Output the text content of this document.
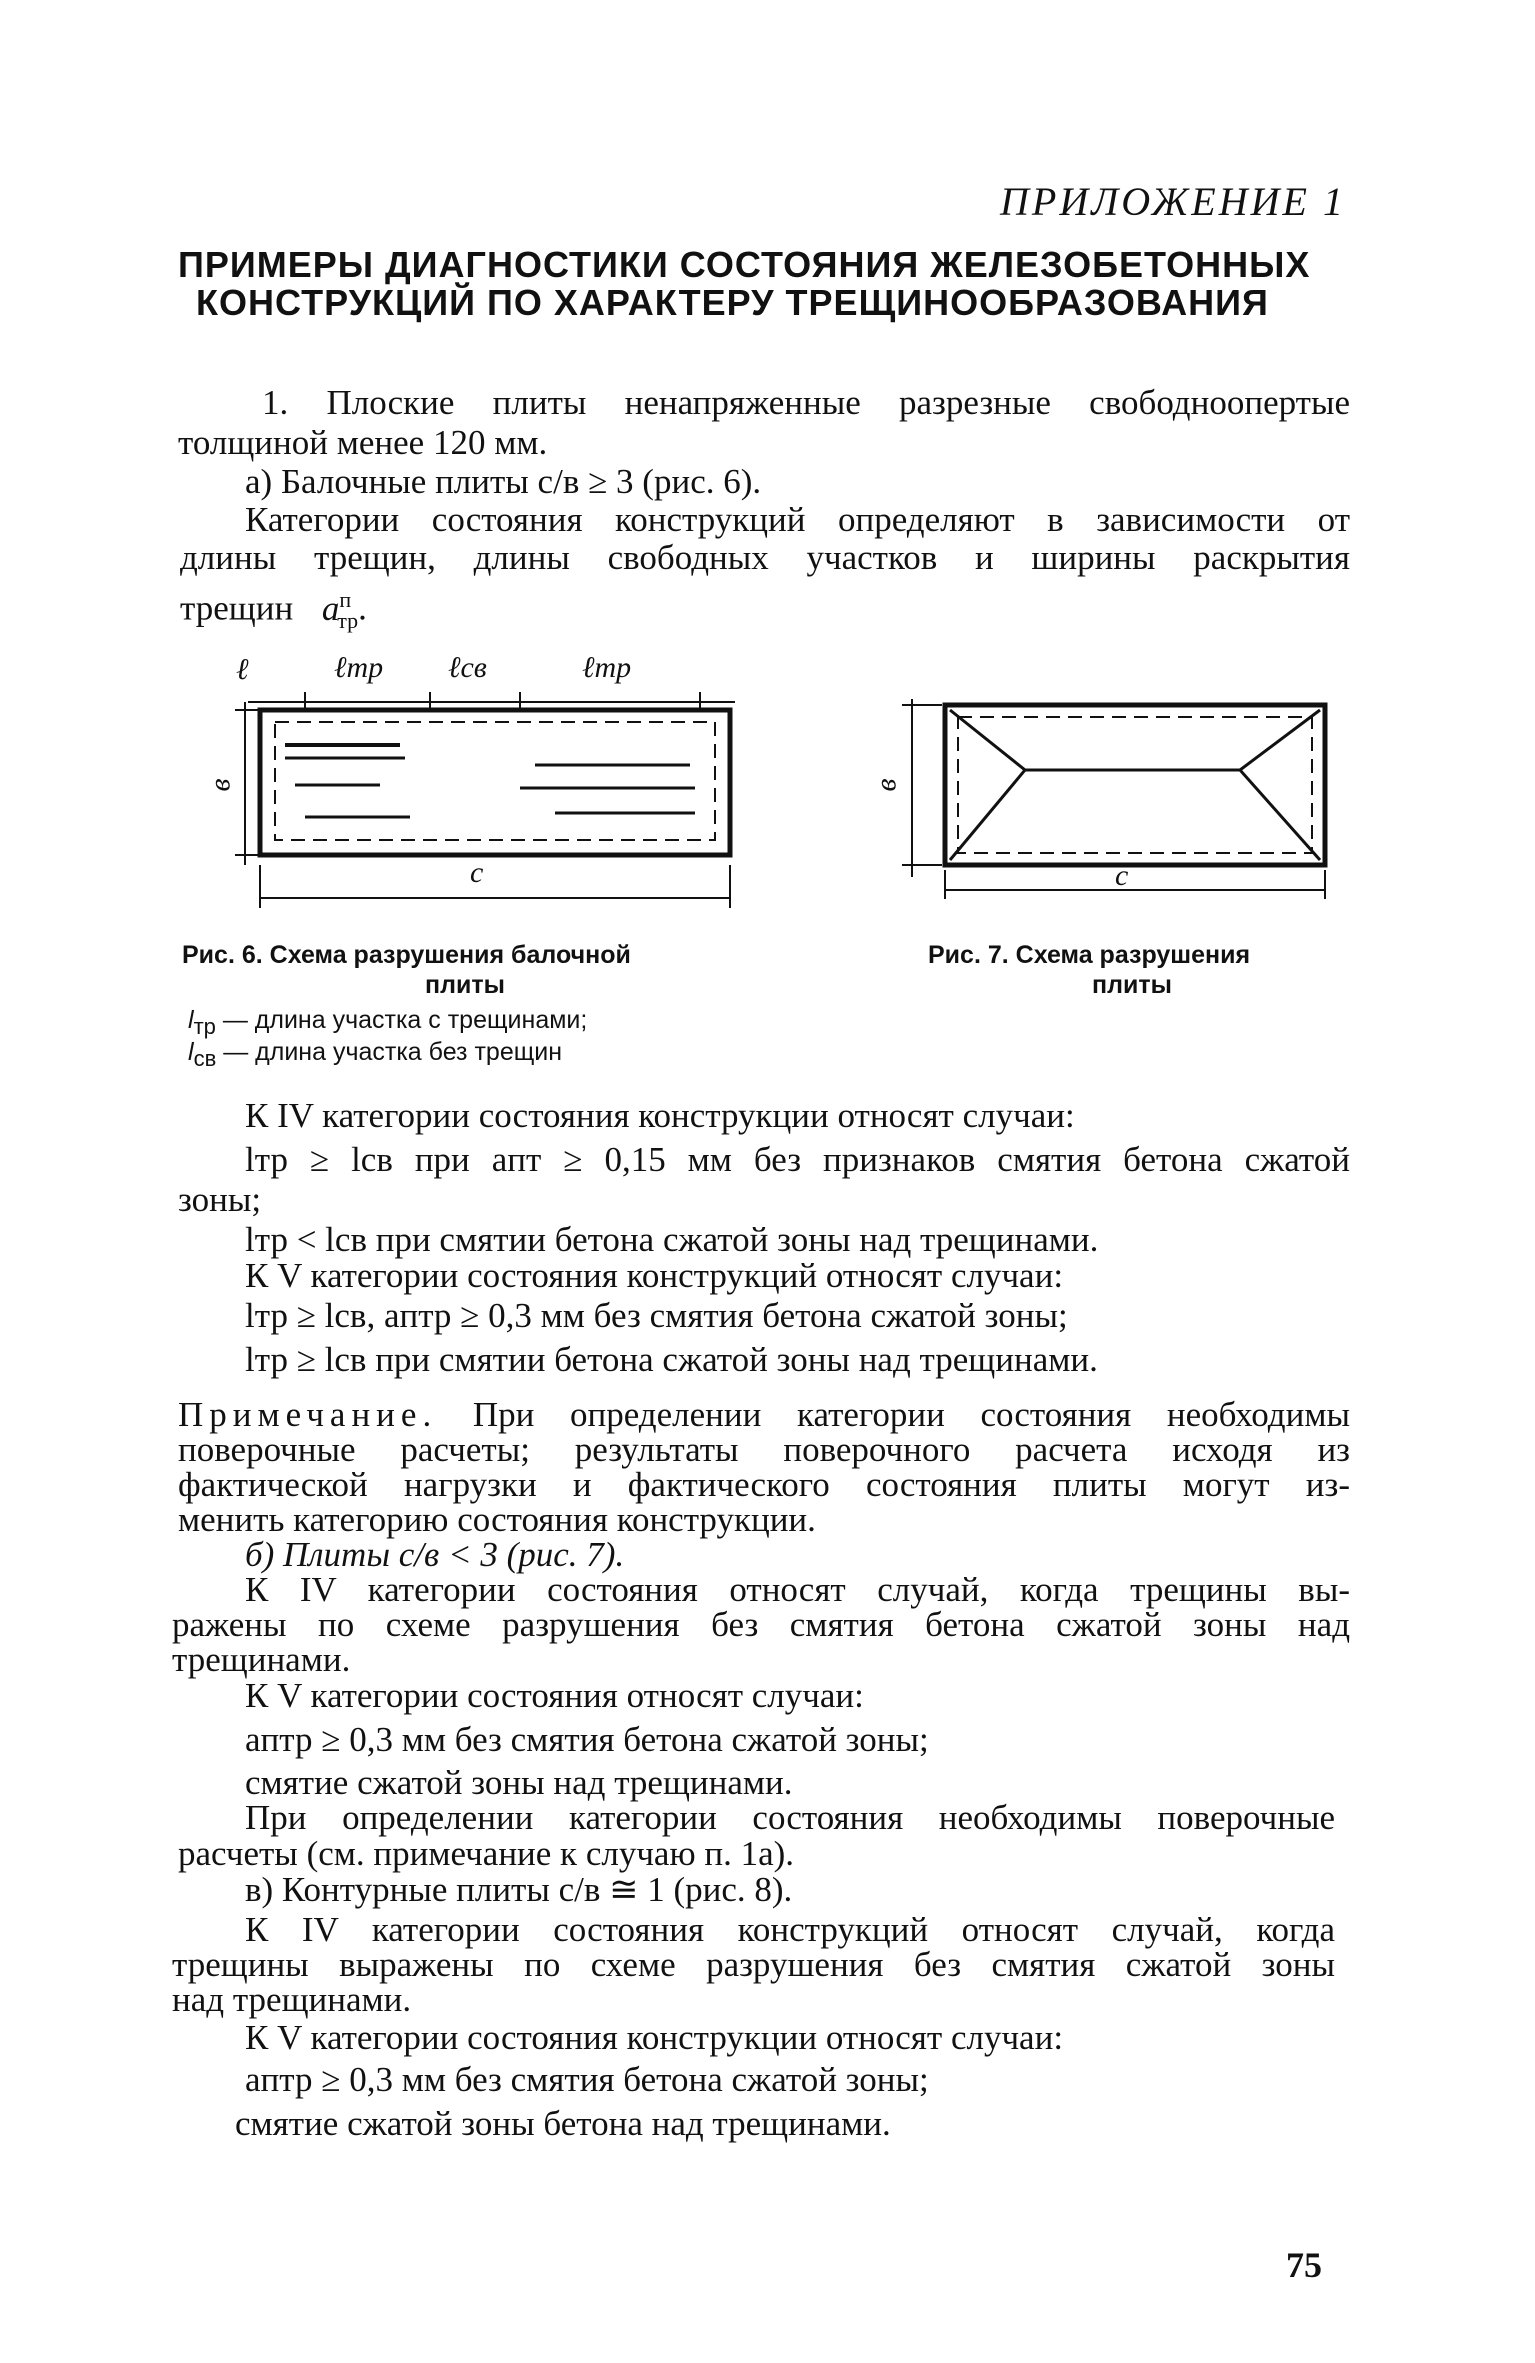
ПРИЛОЖЕНИЕ 1
ПРИМЕРЫ ДИАГНОСТИКИ СОСТОЯНИЯ ЖЕЛЕЗОБЕТОННЫХ
КОНСТРУКЦИЙ ПО ХАРАКТЕРУ ТРЕЩИНООБРАЗОВАНИЯ
1. Плоские плиты ненапряженные разрезные свободноопертые
толщиной менее 120 мм.
а) Балочные плиты c/в ≥ 3 (рис. 6).
Категории состояния конструкций определяют в зависимости от
длины трещин, длины свободных участков и ширины раскрытия
трещин $a^п_{тр}$.
ℓ	ℓтр ℓсв	ℓтр
в
c
Рис. 6. Схема разрушения балочной
плиты
$l_{тр}$ — длина участка с трещинами;
$l_{св}$ — длина участка без трещин
в
c
Рис. 7. Схема разрушения
плиты
К IV категории состояния конструкции относят случаи:
lтр ≥ lсв при aпт ≥ 0,15 мм без признаков смятия бетона сжатой
зоны;
lтр < lсв при смятии бетона сжатой зоны над трещинами.
К V категории состояния конструкций относят случаи:
lтр ≥ lсв, aптр ≥ 0,3 мм без смятия бетона сжатой зоны;
lтр ≥ lсв при смятии бетона сжатой зоны над трещинами.
Примечание. При определении категории состояния необходимы
поверочные расчеты; результаты поверочного расчета исходя из
фактической нагрузки и фактического состояния плиты могут из-
менить категорию состояния конструкции.
б) Плиты c/в < 3 (рис. 7).
К IV категории состояния относят случай, когда трещины вы-
ражены по схеме разрушения без смятия бетона сжатой зоны над
трещинами.
К V категории состояния относят случаи:
aптр ≥ 0,3 мм без смятия бетона сжатой зоны;
смятие сжатой зоны над трещинами.
При определении категории состояния необходимы поверочные
расчеты (см. примечание к случаю п. 1а).
в) Контурные плиты c/в ≅ 1 (рис. 8).
К IV категории состояния конструкций относят случай, когда
трещины выражены по схеме разрушения без смятия сжатой зоны
над трещинами.
К V категории состояния конструкции относят случаи:
aптр ≥ 0,3 мм без смятия бетона сжатой зоны;
смятие сжатой зоны бетона над трещинами.
75
